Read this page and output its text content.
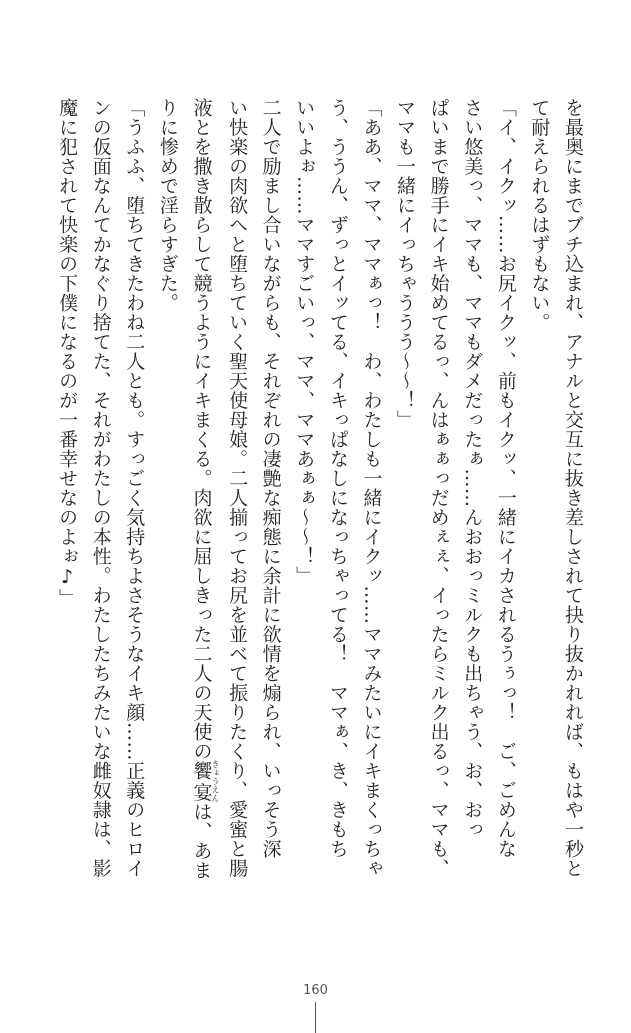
を最奥にまでブチ込まれ、アナルと交互に抜き差しされて抉り抜かれれば、もはや一秒と
て耐えられるはずもない。
「イ、イクッ……お尻イクッ、前もイクッ、一緒にイカされるうぅっ！　ご、ごめんな
さい悠美っ、ママも、ママもダメだったぁ……んおおっミルクも出ちゃう、お、おっ
ぱいまで勝手にイキ始めてるっ、んはぁぁっだめぇぇ、イったらミルク出るっ、ママも、
ママも一緒にイっちゃううう～～！」
「ああ、ママ、ママぁっ！　わ、わたしも一緒にイクッ……ママみたいにイキまくっちゃ
う、ううん、ずっとイッてる、イキっぱなしになっちゃってる！　ママぁ、き、きもち
いいよぉ……ママすごいっ、ママ、ママあぁぁ～～！」
二人で励まし合いながらも、それぞれの凄艶な痴態に余計に欲情を煽られ、いっそう深
い快楽の肉欲へと堕ちていく聖天使母娘。二人揃ってお尻を並べて振りたくり、愛蜜と腸
液とを撒き散らして競うようにイキまくる。肉欲に屈しきった二人の天使の饗宴きょうえんは、あま
りに惨めで淫らすぎた。
「うふふ、堕ちてきたわね二人とも。すっごく気持ちよさそうなイキ顔……正義のヒロイ
ンの仮面なんてかなぐり捨てた、それがわたしの本性。わたしたちみたいな雌奴隷は、影
魔に犯されて快楽の下僕になるのが一番幸せなのよぉ♪」
160
